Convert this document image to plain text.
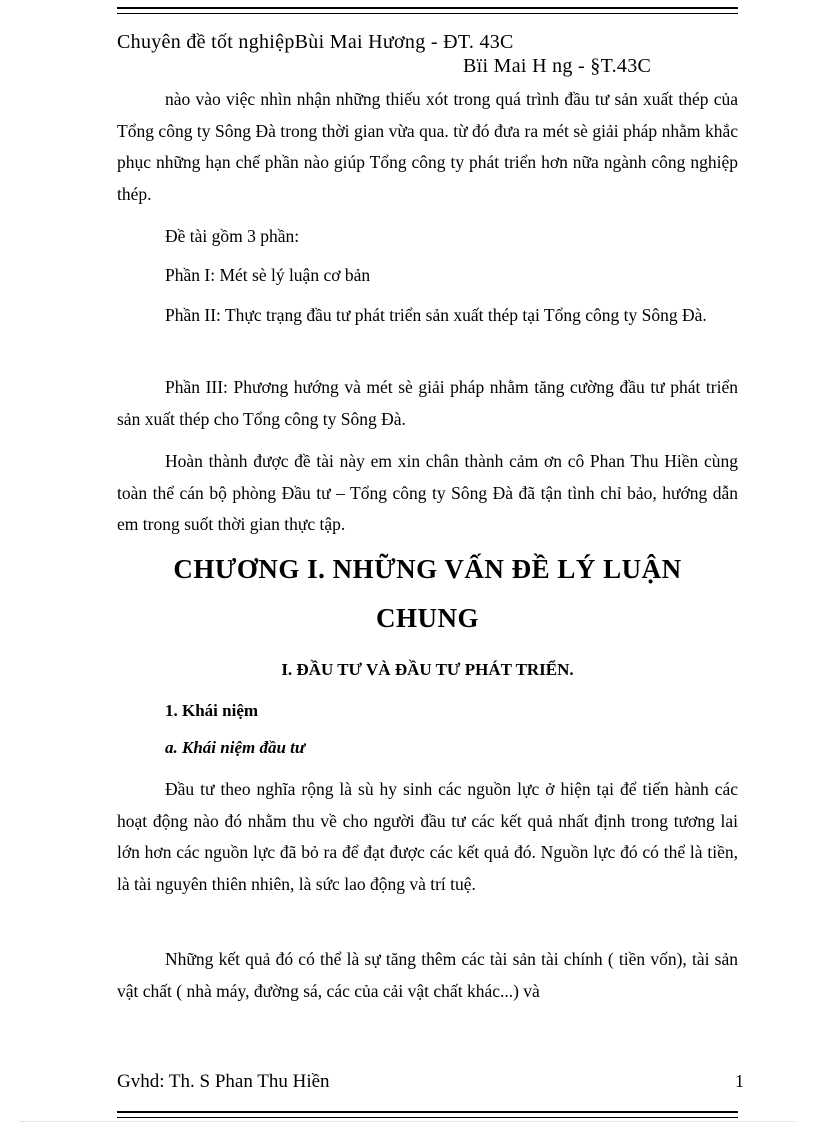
Chuyên đề tốt nghiệpBùi Mai Hương - ĐT. 43C
Bïi Mai H ng - §T.43C

nào vào việc nhìn nhận những thiếu xót trong quá trình đầu tư sản xuất thép của Tổng công ty Sông Đà trong thời gian vừa qua. từ đó đưa ra mét sè giải pháp nhằm khắc phục những hạn chế phần nào giúp Tổng công ty phát triển hơn nữa ngành công nghiệp thép.

Đề tài gồm 3 phần:
Phần I: Mét sè lý luận cơ bản

Phần II: Thực trạng đầu tư phát triển sản xuất thép tại Tổng công ty Sông Đà.

Phần III: Phương hướng và mét sè giải pháp nhằm tăng cường đầu tư phát triển sản xuất thép cho Tổng công ty Sông Đà.

Hoàn thành được đề tài này em xin chân thành cảm ơn cô Phan Thu Hiền cùng toàn thể cán bộ phòng Đầu tư – Tổng công ty Sông Đà đã tận tình chỉ bảo, hướng dẫn em trong suốt thời gian thực tập.

CHƯƠNG I. NHỮNG VẤN ĐỀ LÝ LUẬN
CHUNG
I. ĐẦU TƯ VÀ ĐẦU TƯ PHÁT TRIỂN.
1. Khái niệm
a. Khái niệm đầu tư

Đầu tư theo nghĩa rộng là sù hy sinh các nguồn lực ở hiện tại để tiến hành các hoạt động nào đó nhằm thu về cho người đầu tư các kết quả nhất định trong tương lai lớn hơn các nguồn lực đã bỏ ra để đạt được các kết quả đó. Nguồn lực đó có thể là tiền, là tài nguyên thiên nhiên, là sức lao động và trí tuệ.

Những kết quả đó có thể là sự tăng thêm các tài sản tài chính ( tiền vốn), tài sản vật chất ( nhà máy, đường sá, các của cải vật chất khác...) và

Gvhd: Th. S Phan Thu Hiền	1
